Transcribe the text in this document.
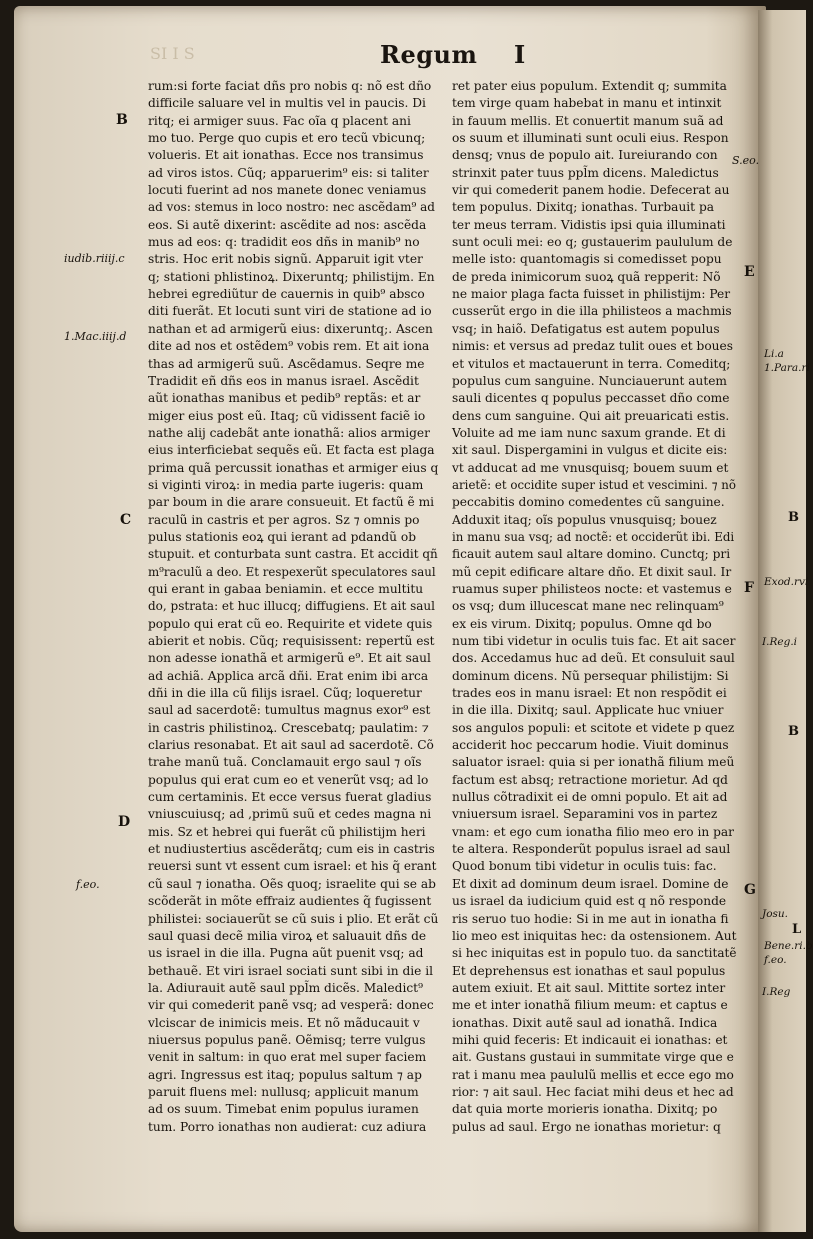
Li.a
1.Para.ri
B
Exod.rvi
I.Reg.i
B
Josu.
L
Bene.ri.b
f.eo.
I.Reg
SI I S	Regum I
rum:si forte faciat dñs pro nobis q: nõ est dño
difficile saluare vel in multis vel in paucis. Di
ritq; ei armiger suus. Fac oĩa q placent ani
mo tuo. Perge quo cupis et ero tecũ vbicunq;
volueris. Et ait ionathas. Ecce nos transimus
ad viros istos. Cũq; apparuerim⁹ eis: si taliter
locuti fuerint ad nos manete donec veniamus
ad vos: stemus in loco nostro: nec ascẽdam⁹ ad
eos. Si autẽ dixerint: ascẽdite ad nos: ascẽda
mus ad eos: q: tradidit eos dñs in manib⁹ no
stris. Hoc erit nobis signũ. Apparuit igit vter
q; stationi phlistinoꝝ. Dixeruntq; philistijm. En
hebrei egrediũtur de cauernis in quib⁹ absco
diti fuerãt. Et locuti sunt viri de statione ad io
nathan et ad armigerũ eius: dixeruntq;. Ascen
dite ad nos et ostẽdem⁹ vobis rem. Et ait iona
thas ad armigerũ suũ. Ascẽdamus. Seqre me
Tradidit eñ dñs eos in manus israel. Ascẽdit
aũt ionathas manibus et pedib⁹ reptãs: et ar
miger eius post eũ. Itaq; cũ vidissent faciẽ io
nathe alij cadebãt ante ionathã: alios armiger
eius interficiebat sequẽs eũ. Et facta est plaga
prima quã percussit ionathas et armiger eius q
si viginti viroꝝ: in media parte iugeris: quam
par boum in die arare consueuit. Et factũ ẽ mi
raculũ in castris et per agros. Sz ⁊ omnis po
pulus stationis eoꝝ qui ierant ad pdandũ ob
stupuit. et conturbata sunt castra. Et accidit qñ
m⁹raculũ a deo. Et respexerũt speculatores saul
qui erant in gabaa beniamin. et ecce multitu
do, pstrata: et huc illucq; diffugiens. Et ait saul
populo qui erat cũ eo. Requirite et videte quis
abierit et nobis. Cũq; requisissent: repertũ est
non adesse ionathã et armigerũ e⁹. Et ait saul
ad achiã. Applica arcã dñi. Erat enim ibi arca
dñi in die illa cũ filijs israel. Cũq; loqueretur
saul ad sacerdotẽ: tumultus magnus exor⁹ est
in castris philistinoꝝ. Crescebatq; paulatim: ⁊
clarius resonabat. Et ait saul ad sacerdotẽ. Cõ
trahe manũ tuã. Conclamauit ergo saul ⁊ oĩs
populus qui erat cum eo et venerũt vsq; ad lo
cum certaminis. Et ecce versus fuerat gladius
vniuscuiusq; ad ,primũ suũ et cedes magna ni
mis. Sz et hebrei qui fuerãt cũ philistijm heri
et nudiustertius ascẽderãtq; cum eis in castris
reuersi sunt vt essent cum israel: et his q̃ erant
cũ saul ⁊ ionatha. Oẽs quoq; israelite qui se ab
scõderãt in mõte effraiz audientes q̃ fugissent
philistei: sociauerũt se cũ suis i plio. Et erãt cũ
saul quasi decẽ milia viroꝝ et saluauit dñs de
us israel in die illa. Pugna aũt puenit vsq; ad
bethauẽ. Et viri israel sociati sunt sibi in die il
la. Adiurauit autẽ saul ppl̃m dicẽs. Maledict⁹
vir qui comederit panẽ vsq; ad vesperã: donec
vlciscar de inimicis meis. Et nõ mãducauit v
niuersus populus panẽ. Oẽmisq; terre vulgus
venit in saltum: in quo erat mel super faciem
agri. Ingressus est itaq; populus saltum ⁊ ap
paruit fluens mel: nullusq; applicuit manum
ad os suum. Timebat enim populus iuramen
tum. Porro ionathas non audierat: cuz adiura
ret pater eius populum. Extendit q; summita
tem virge quam habebat in manu et intinxit
in fauum mellis. Et conuertit manum suã ad
os suum et illuminati sunt oculi eius. Respon
densq; vnus de populo ait. Iureiurando con
strinxit pater tuus ppl̃m dicens. Maledictus
vir qui comederit panem hodie. Defecerat au
tem populus. Dixitq; ionathas. Turbauit pa
ter meus terram. Vidistis ipsi quia illuminati
sunt oculi mei: eo q; gustauerim paululum de
melle isto: quantomagis si comedisset popu
de preda inimicorum suoꝝ quã repperit: Nõ
ne maior plaga facta fuisset in philistijm: Per
cusserũt ergo in die illa philisteos a machmis
vsq; in haiõ. Defatigatus est autem populus
nimis: et versus ad predaz tulit oues et boues
et vitulos et mactauerunt in terra. Comeditq;
populus cum sanguine. Nunciauerunt autem
sauli dicentes q populus peccasset dño come
dens cum sanguine. Qui ait preuaricati estis.
Voluite ad me iam nunc saxum grande. Et di
xit saul. Dispergamini in vulgus et dicite eis:
vt adducat ad me vnusquisq; bouem suum et
arietẽ: et occidite super istud et vescimini. ⁊ nõ
peccabitis domino comedentes cũ sanguine.
Adduxit itaq; oĩs populus vnusquisq; bouez
in manu sua vsq; ad noctẽ: et occiderũt ibi. Edi
ficauit autem saul altare domino. Cunctq; pri
mũ cepit edificare altare dño. Et dixit saul. Ir
ruamus super philisteos nocte: et vastemus e
os vsq; dum illucescat mane nec relinquam⁹
ex eis virum. Dixitq; populus. Omne qd bo
num tibi videtur in oculis tuis fac. Et ait sacer
dos. Accedamus huc ad deũ. Et consuluit saul
dominum dicens. Nũ persequar philistijm: Si
trades eos in manu israel: Et non respõdit ei
in die illa. Dixitq; saul. Applicate huc vniuer
sos angulos populi: et scitote et videte p quez
acciderit hoc peccarum hodie. Viuit dominus
saluator israel: quia si per ionathã filium meũ
factum est absq; retractione morietur. Ad qd
nullus cõtradixit ei de omni populo. Et ait ad
vniuersum israel. Separamini vos in partez
vnam: et ego cum ionatha filio meo ero in par
te altera. Responderũt populus israel ad saul
Quod bonum tibi videtur in oculis tuis: fac.
Et dixit ad dominum deum israel. Domine de
us israel da iudicium quid est q nõ responde
ris seruo tuo hodie: Si in me aut in ionatha fi
lio meo est iniquitas hec: da ostensionem. Aut
si hec iniquitas est in populo tuo. da sanctitatẽ
Et deprehensus est ionathas et saul populus
autem exiuit. Et ait saul. Mittite sortez inter
me et inter ionathã filium meum: et captus e
ionathas. Dixit autẽ saul ad ionathã. Indica
mihi quid feceris: Et indicauit ei ionathas: et
ait. Gustans gustaui in summitate virge que e
rat i manu mea paululũ mellis et ecce ego mo
rior: ⁊ ait saul. Hec faciat mihi deus et hec ad
dat quia morte morieris ionatha. Dixitq; po
pulus ad saul. Ergo ne ionathas morietur: q
B
iudib.riiij.c
1.Mac.iiij.d
C
D
f.eo.
S.eo.
E
F
G
